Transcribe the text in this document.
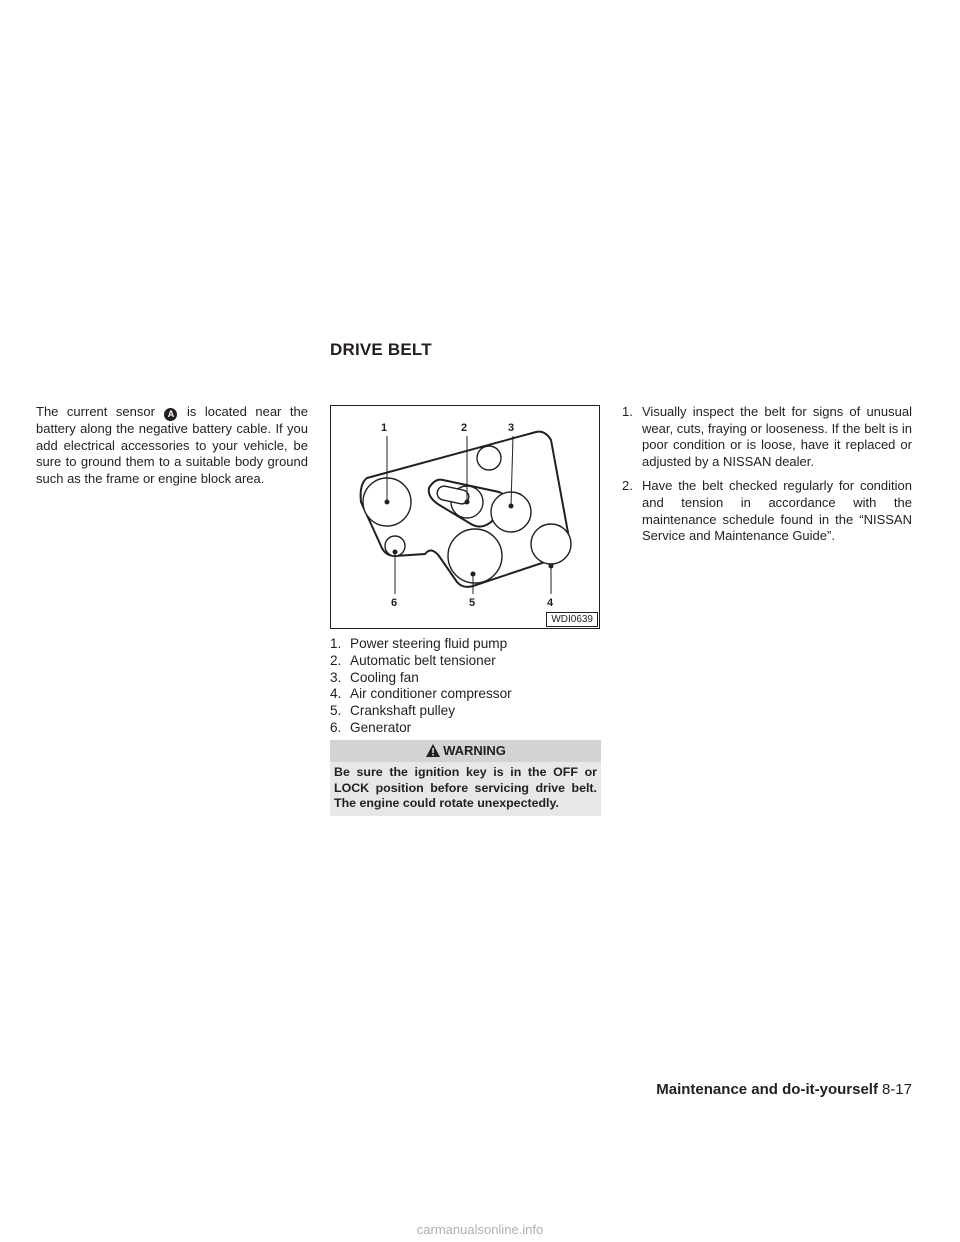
DRIVE BELT
The current sensor A is located near the battery along the negative battery cable. If you add electrical accessories to your vehicle, be sure to ground them to a suitable body ground such as the frame or engine block area.
1	2	3
4
5
6
WDI0639
1. Power steering fluid pump
2. Automatic belt tensioner
3. Cooling fan
4. Air conditioner compressor
5. Crankshaft pulley
6. Generator
WARNING
Be sure the ignition key is in the OFF or LOCK position before servicing drive belt. The engine could rotate unexpectedly.
1. Visually inspect the belt for signs of unusual wear, cuts, fraying or looseness. If the belt is in poor condition or is loose, have it replaced or adjusted by a NISSAN dealer.
2. Have the belt checked regularly for condition and tension in accordance with the maintenance schedule found in the “NISSAN Service and Maintenance Guide”.
Maintenance and do-it-yourself 8-17
carmanualsonline.info
